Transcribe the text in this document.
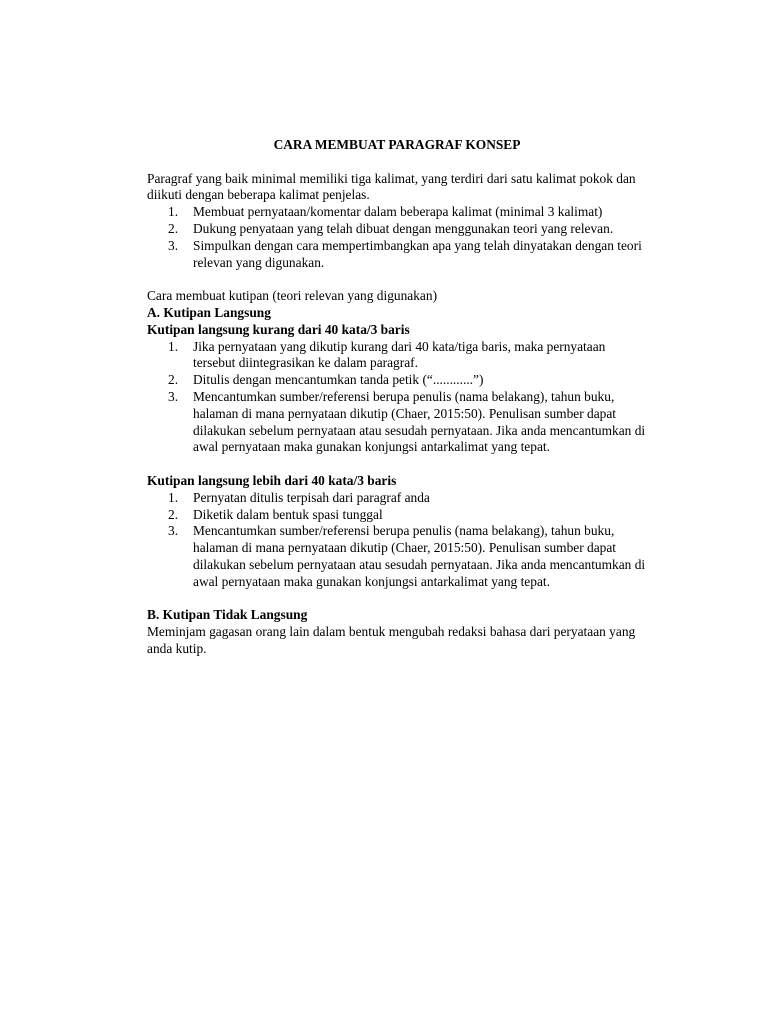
CARA MEMBUAT PARAGRAF KONSEP

Paragraf yang baik minimal memiliki tiga kalimat, yang terdiri dari satu kalimat pokok dan diikuti dengan beberapa kalimat penjelas.

1. Membuat pernyataan/komentar dalam beberapa kalimat (minimal 3 kalimat)
2. Dukung penyataan yang telah dibuat dengan menggunakan teori yang relevan.
3. Simpulkan dengan cara mempertimbangkan apa yang telah dinyatakan dengan teori relevan yang digunakan.

Cara membuat kutipan (teori relevan yang digunakan)

A. Kutipan Langsung

Kutipan langsung kurang dari 40 kata/3 baris

1. Jika pernyataan yang dikutip kurang dari 40 kata/tiga baris, maka pernyataan tersebut diintegrasikan ke dalam paragraf.
2. Ditulis dengan mencantumkan tanda petik (“............”)
3. Mencantumkan sumber/referensi berupa penulis (nama belakang), tahun buku, halaman di mana pernyataan dikutip (Chaer, 2015:50). Penulisan sumber dapat dilakukan sebelum pernyataan atau sesudah pernyataan. Jika anda mencantumkan di awal pernyataan maka gunakan konjungsi antarkalimat yang tepat.

Kutipan langsung lebih dari 40 kata/3 baris

1. Pernyatan ditulis terpisah dari paragraf anda
2. Diketik dalam bentuk spasi tunggal
3. Mencantumkan sumber/referensi berupa penulis (nama belakang), tahun buku, halaman di mana pernyataan dikutip (Chaer, 2015:50). Penulisan sumber dapat dilakukan sebelum pernyataan atau sesudah pernyataan. Jika anda mencantumkan di awal pernyataan maka gunakan konjungsi antarkalimat yang tepat.

B. Kutipan Tidak Langsung

Meminjam gagasan orang lain dalam bentuk mengubah redaksi bahasa dari peryataan yang anda kutip.
